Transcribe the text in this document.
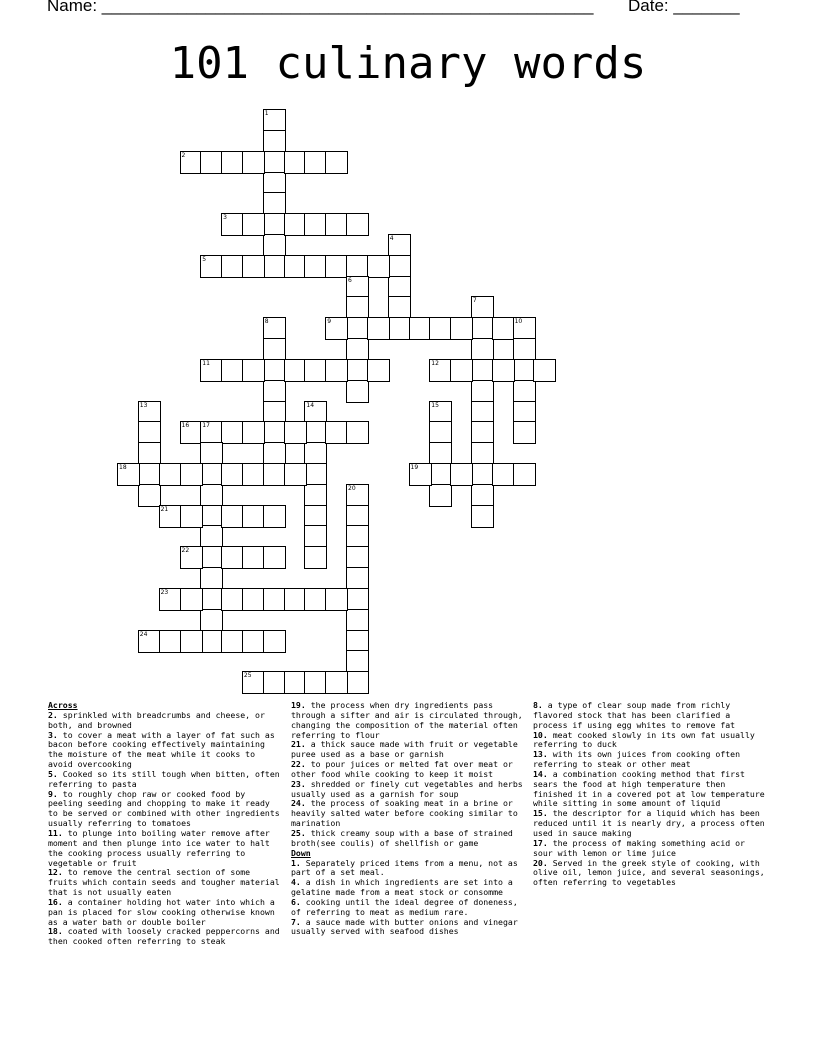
Name: ____________________________________________________ Date: _______
101 culinary words
1
2
3
4
5
6
7
8	9	10
11	12
13	14	15
16 17
18	19
20
21
22
23
24
25
Across
2. sprinkled with breadcrumbs and cheese, or both, and browned
3. to cover a meat with a layer of fat such as bacon before cooking effectively maintaining the moisture of the meat while it cooks to avoid overcooking
5. Cooked so its still tough when bitten, often referring to pasta
9. to roughly chop raw or cooked food by peeling seeding and chopping to make it ready to be served or combined with other ingredients usually referring to tomatoes
11. to plunge into boiling water remove after moment and then plunge into ice water to halt the cooking process usually referring to vegetable or fruit
12. to remove the central section of some fruits which contain seeds and tougher material that is not usually eaten
16. a container holding hot water into which a pan is placed for slow cooking otherwise known as a water bath or double boiler
18. coated with loosely cracked peppercorns and then cooked often referring to steak
19. the process when dry ingredients pass through a sifter and air is circulated through, changing the composition of the material often referring to flour
21. a thick sauce made with fruit or vegetable puree used as a base or garnish
22. to pour juices or melted fat over meat or other food while cooking to keep it moist
23. shredded or finely cut vegetables and herbs usually used as a garnish for soup
24. the process of soaking meat in a brine or heavily salted water before cooking similar to marination
25. thick creamy soup with a base of strained broth(see coulis) of shellfish or game
Down
1. Separately priced items from a menu, not as part of a set meal.
4. a dish in which ingredients are set into a gelatine made from a meat stock or consomme
6. cooking until the ideal degree of doneness, of referring to meat as medium rare.
7. a sauce made with butter onions and vinegar usually served with seafood dishes
8. a type of clear soup made from richly flavored stock that has been clarified a process if using egg whites to remove fat
10. meat cooked slowly in its own fat usually referring to duck
13. with its own juices from cooking often referring to steak or other meat
14. a combination cooking method that first sears the food at high temperature then finished it in a covered pot at low temperature while sitting in some amount of liquid
15. the descriptor for a liquid which has been reduced until it is nearly dry, a process often used in sauce making
17. the process of making something acid or sour with lemon or lime juice
20. Served in the greek style of cooking, with olive oil, lemon juice, and several seasonings, often referring to vegetables
